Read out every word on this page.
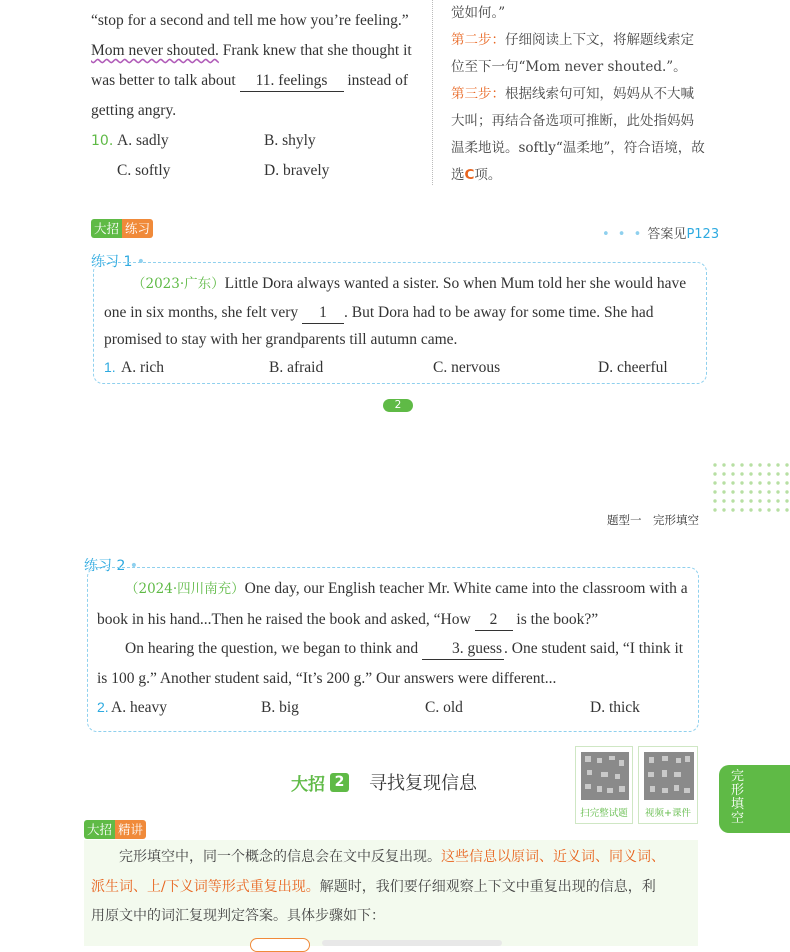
“stop for a second and tell me how you’re feeling.”
Mom never shouted. Frank knew that she thought it
was better to talk about 11. feelings instead of
getting angry.
10. A. sadly	B. shyly
C. softly	D. bravely
觉如何。”
第二步：仔细阅读上下文，将解题线索定
位至下一句“Mom never shouted.”。
第三步：根据线索句可知，妈妈从不大喊
大叫；再结合备选项可推断，此处指妈妈
温柔地说。softly“温柔地”，符合语境，故
选C项。
大招 练习	• • • 答案见P123
练习 1 •
（2023·广东）Little Dora always wanted a sister. So when Mum told her she would have
one in six months, she felt very 1 . But Dora had to be away for some time. She had
promised to stay with her grandparents till autumn came.
1. A. rich	B. afraid	C. nervous	D. cheerful
2
题型一　完形填空
练习 2 •
（2024·四川南充）One day, our English teacher Mr. White came into the classroom with a
book in his hand...Then he raised the book and asked, “How 2 is the book?”
On hearing the question, we began to think and 3. guess . One student said, “I think it
is 100 g.” Another student said, “It’s 200 g.” Our answers were different...
2. A. heavy	B. big	C. old	D. thick
大招 2 寻找复现信息
扫完整试题	视频+课件
完形填空
大招 精讲
完形填空中，同一个概念的信息会在文中反复出现。这些信息以原词、近义词、同义词、
派生词、上/下义词等形式重复出现。解题时，我们要仔细观察上下文中重复出现的信息，利
用原文中的词汇复现判定答案。具体步骤如下：
